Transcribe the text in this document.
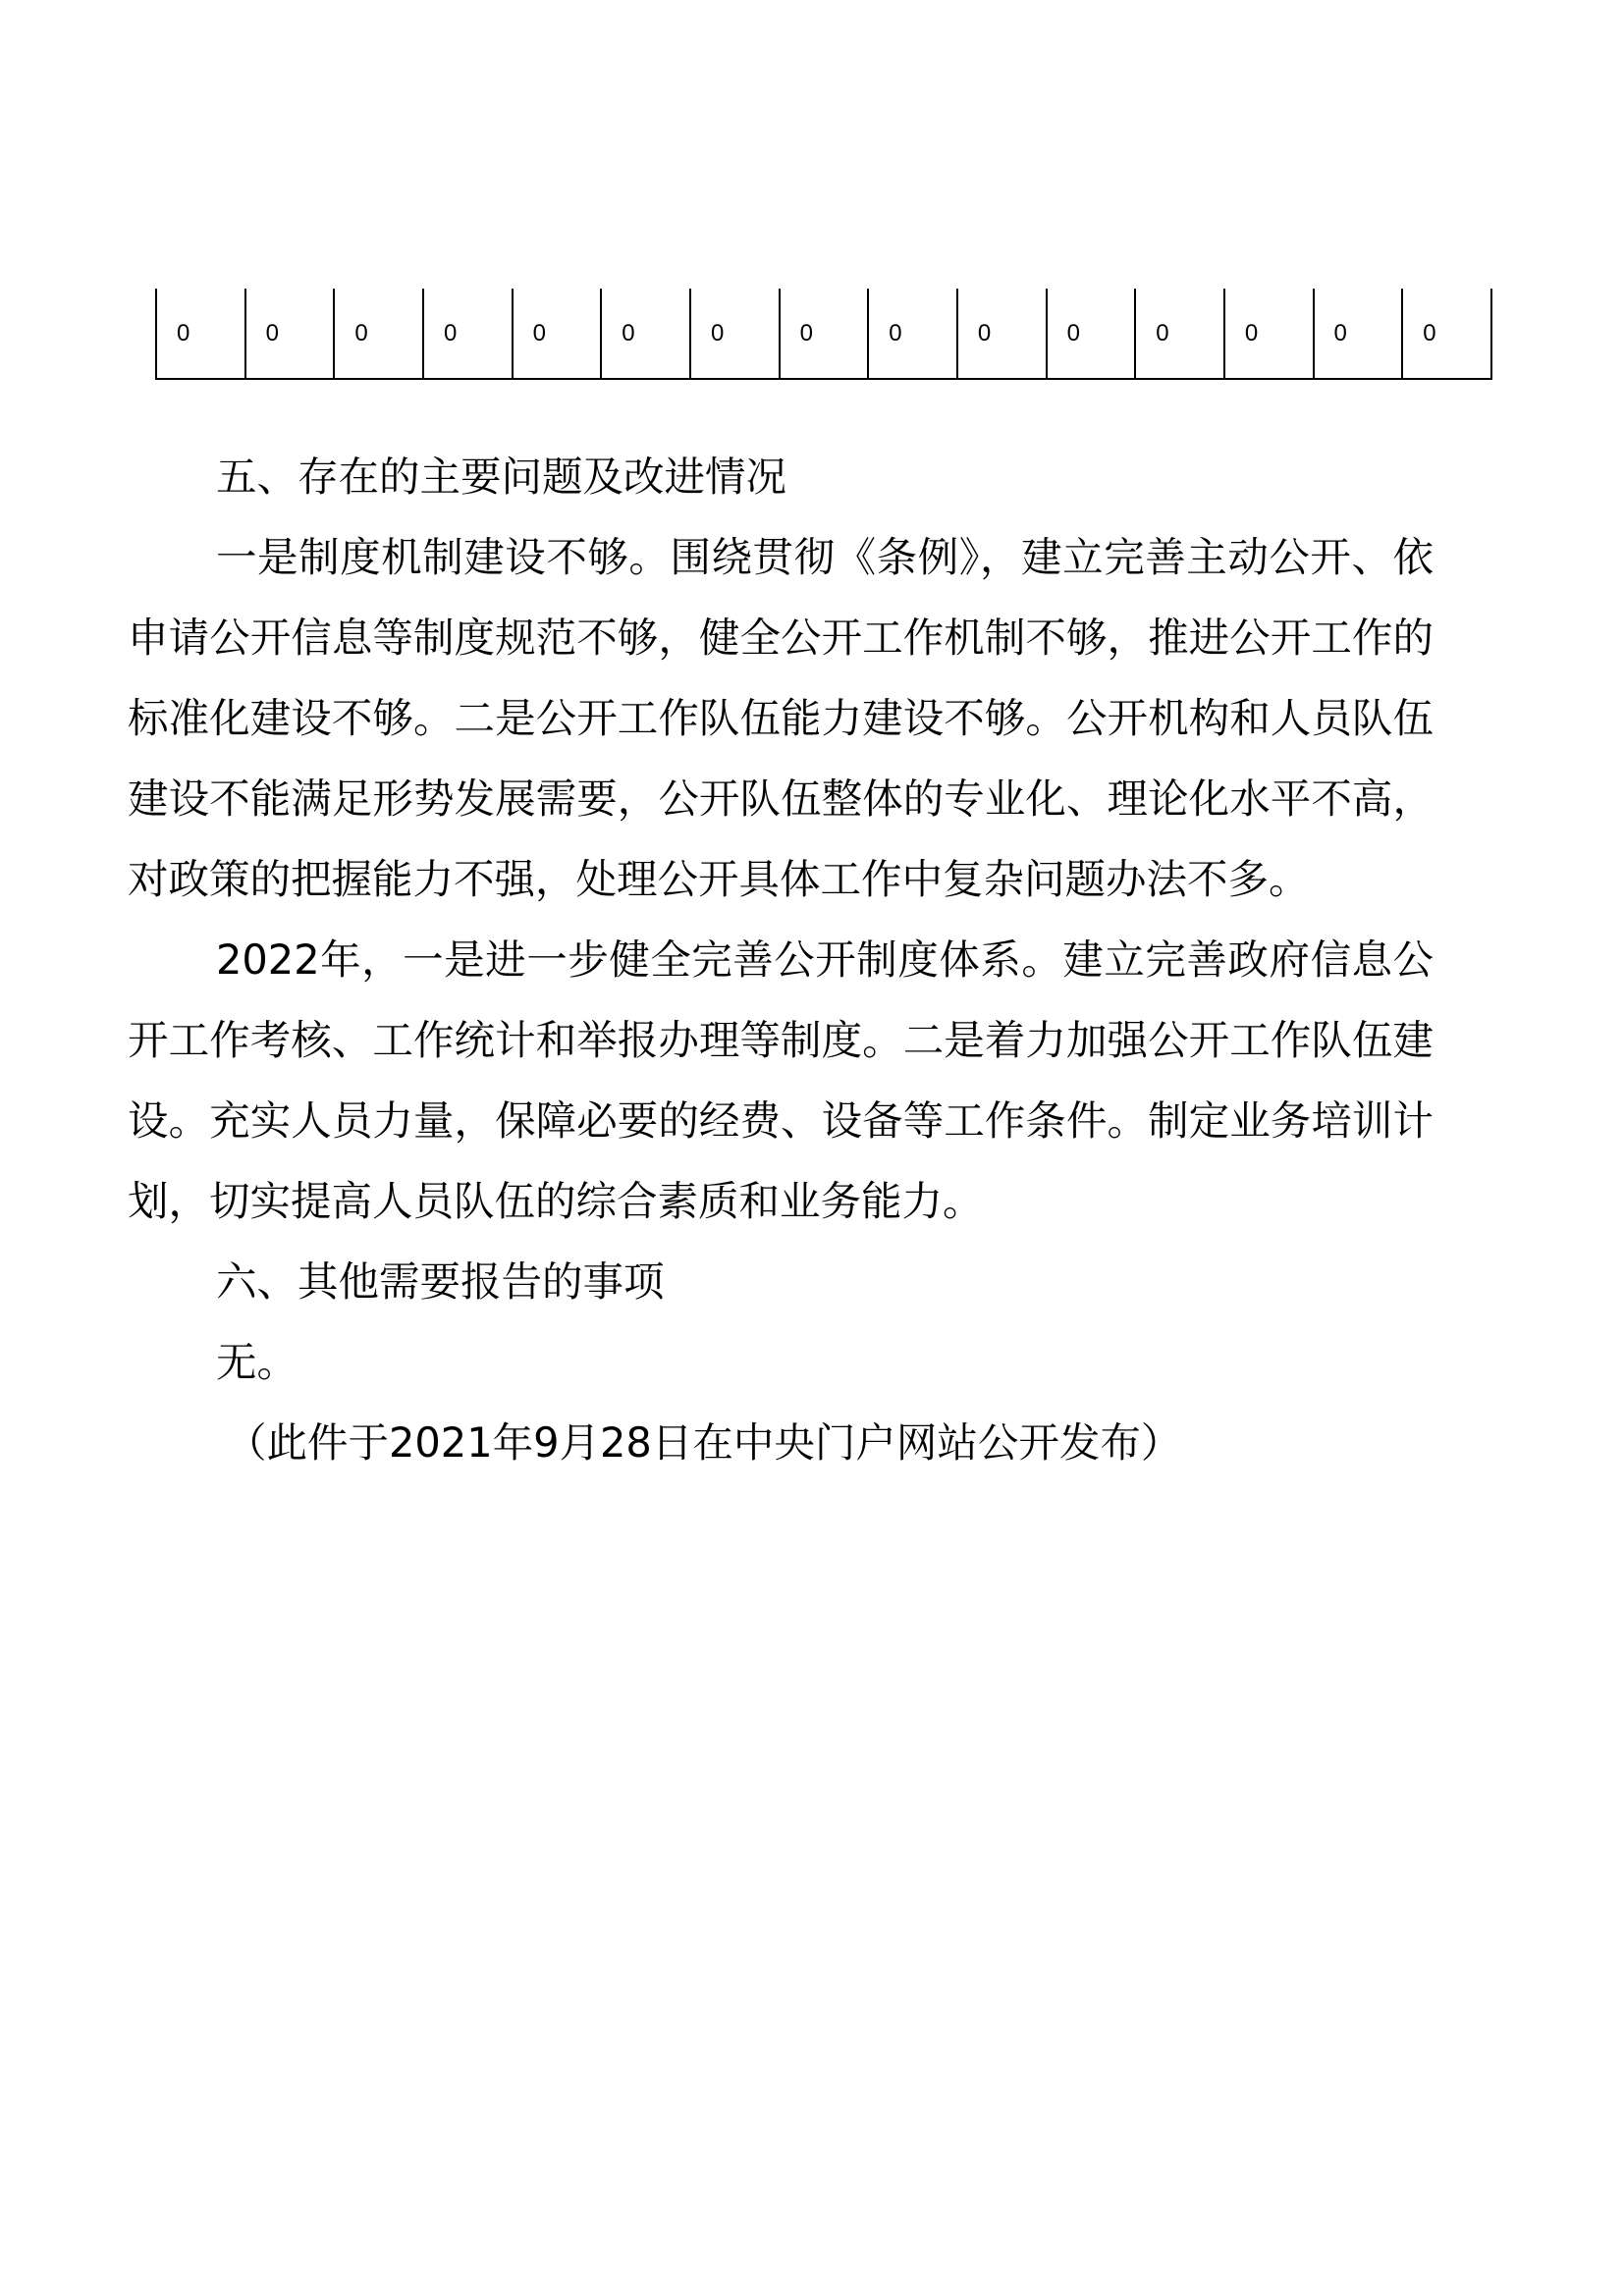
0	0	0	0	0	0	0	0	0	0	0	0	0	0	0

五、存在的主要问题及改进情况

一是制度机制建设不够。围绕贯彻《条例》，建立完善主动公开、依申请公开信息等制度规范不够，健全公开工作机制不够，推进公开工作的标准化建设不够。二是公开工作队伍能力建设不够。公开机构和人员队伍建设不能满足形势发展需要，公开队伍整体的专业化、理论化水平不高，对政策的把握能力不强，处理公开具体工作中复杂问题办法不多。

2022年，一是进一步健全完善公开制度体系。建立完善政府信息公开工作考核、工作统计和举报办理等制度。二是着力加强公开工作队伍建设。充实人员力量，保障必要的经费、设备等工作条件。制定业务培训计划，切实提高人员队伍的综合素质和业务能力。

六、其他需要报告的事项

无。

（此件于2021年9月28日在中央门户网站公开发布）
